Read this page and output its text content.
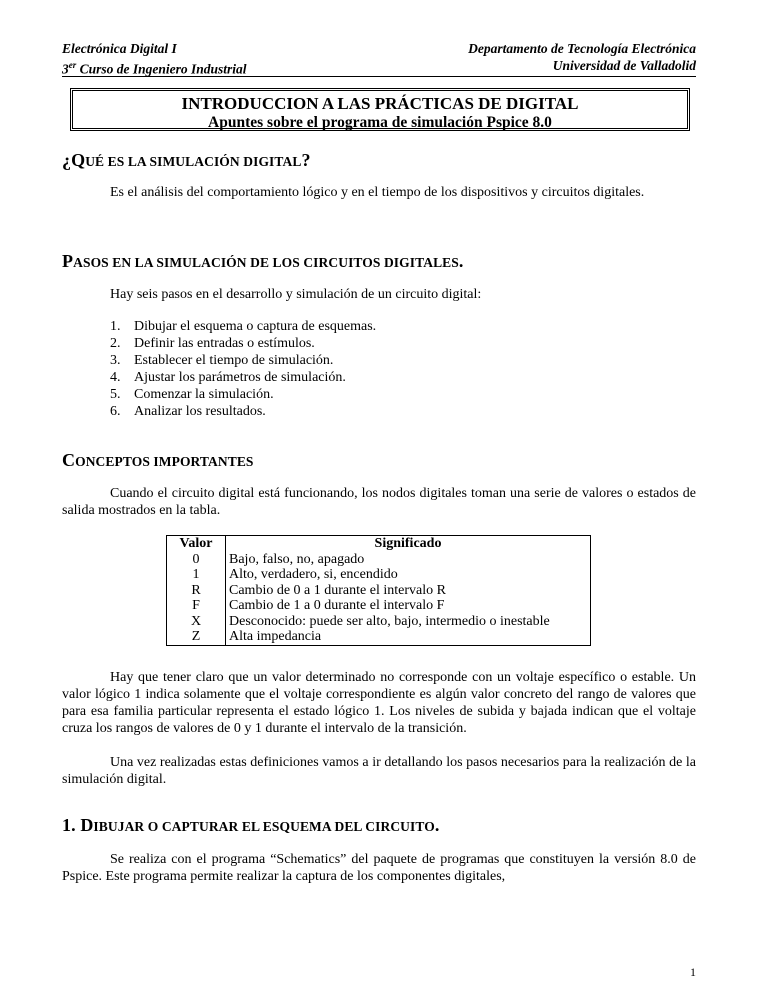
Electrónica Digital I
3er Curso de Ingeniero Industrial
Departamento de Tecnología Electrónica
Universidad de Valladolid
INTRODUCCION A LAS PRÁCTICAS DE DIGITAL
Apuntes sobre el programa de simulación Pspice 8.0
¿QUÉ ES LA SIMULACIÓN DIGITAL?
Es el análisis del comportamiento lógico y en el tiempo de los dispositivos y circuitos digitales.
PASOS EN LA SIMULACIÓN DE LOS CIRCUITOS DIGITALES.
Hay seis pasos en el desarrollo y simulación de un circuito digital:
1. Dibujar el esquema o captura de esquemas.
2. Definir las entradas o estímulos.
3. Establecer el tiempo de simulación.
4. Ajustar los parámetros de simulación.
5. Comenzar la simulación.
6. Analizar los resultados.
CONCEPTOS IMPORTANTES
Cuando el circuito digital está funcionando, los nodos digitales toman una serie de valores o estados de salida mostrados en la tabla.
Valor	Significado
0	Bajo, falso, no, apagado
1	Alto, verdadero, si, encendido
R	Cambio de 0 a 1 durante el intervalo R
F	Cambio de 1 a 0 durante el intervalo F
X	Desconocido: puede ser alto, bajo, intermedio o inestable
Z	Alta impedancia
Hay que tener claro que un valor determinado no corresponde con un voltaje específico o estable. Un valor lógico 1 indica solamente que el voltaje correspondiente es algún valor concreto del rango de valores que para esa familia particular representa el estado lógico 1. Los niveles de subida y bajada indican que el voltaje cruza los rangos de valores de 0 y 1 durante el intervalo de la transición.
Una vez realizadas estas definiciones vamos a ir detallando los pasos necesarios para la realización de la simulación digital.
1. DIBUJAR O CAPTURAR EL ESQUEMA DEL CIRCUITO.
Se realiza con el programa “Schematics” del paquete de programas que constituyen la versión 8.0 de Pspice. Este programa permite realizar la captura de los componentes digitales,
1
